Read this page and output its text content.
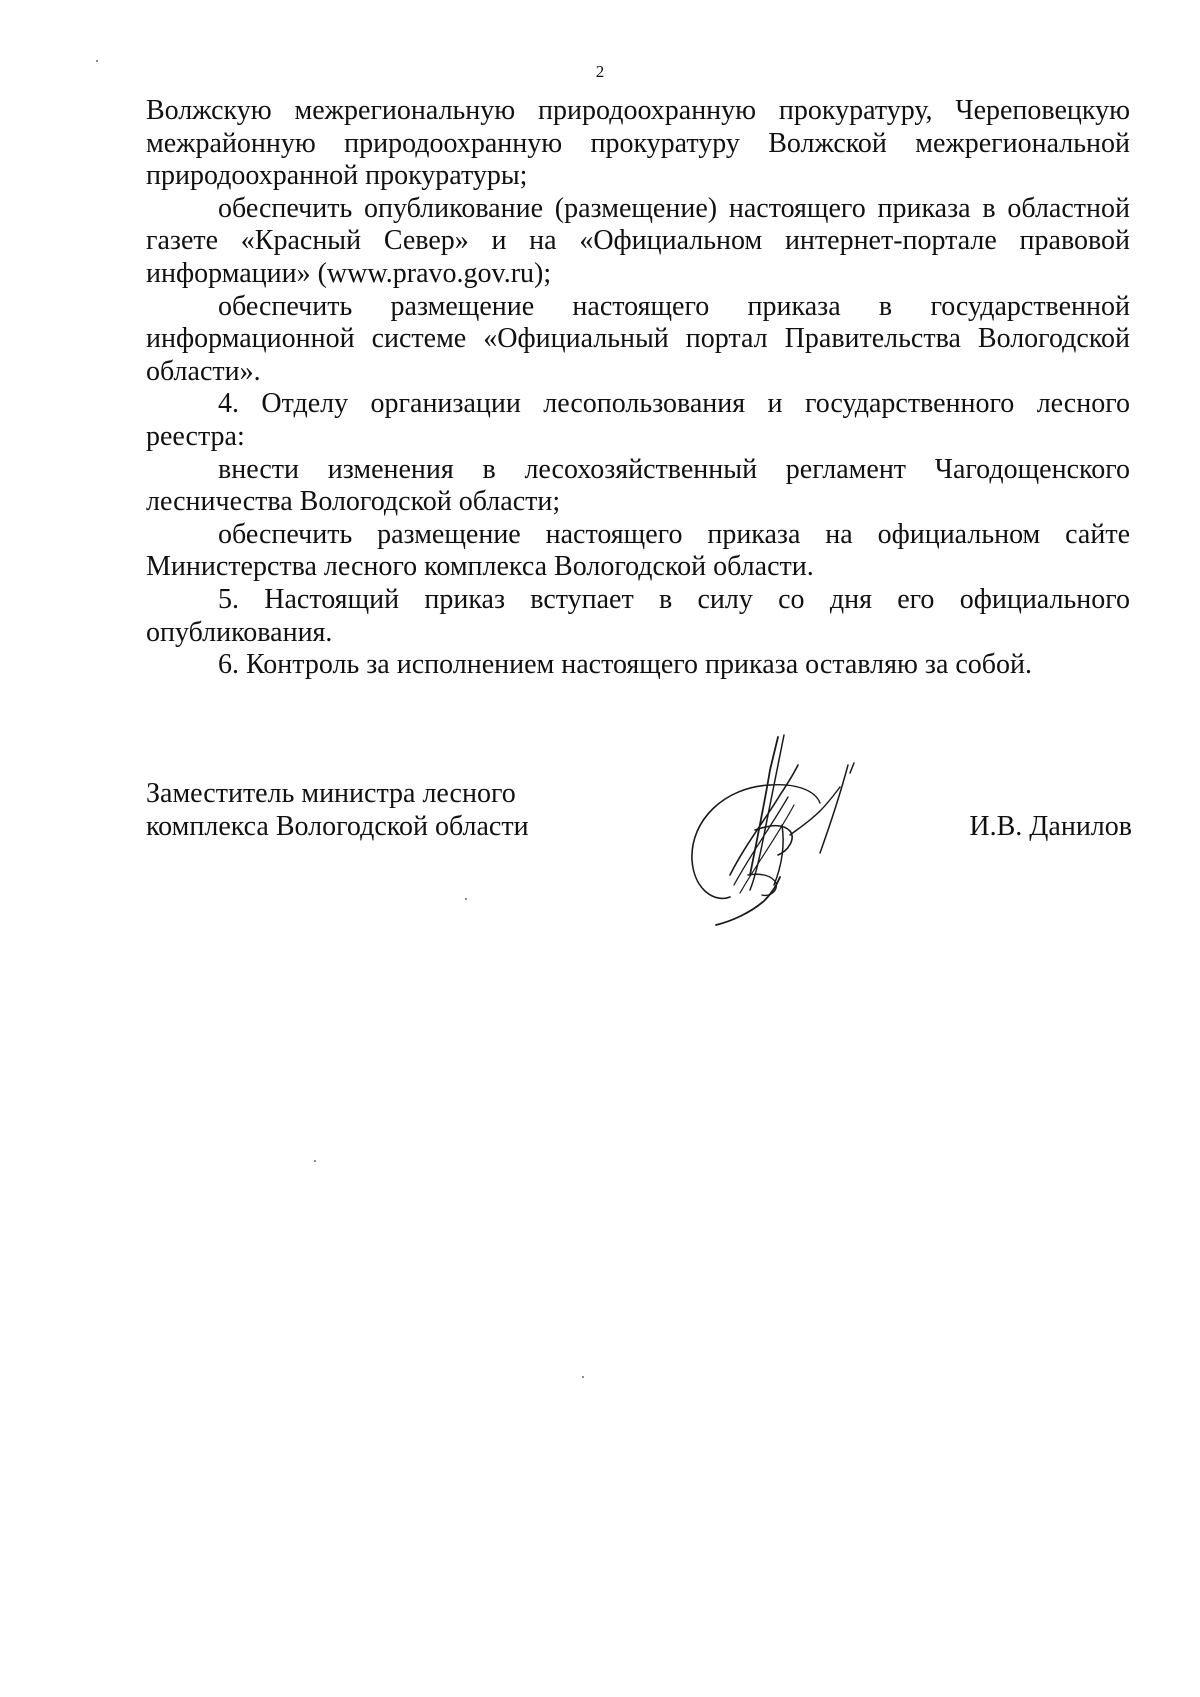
2

Волжскую межрегиональную природоохранную прокуратуру, Череповецкую межрайонную природоохранную прокуратуру Волжской межрегиональной природоохранной прокуратуры;

обеспечить опубликование (размещение) настоящего приказа в областной газете «Красный Север» и на «Официальном интернет-портале правовой информации» (www.pravo.gov.ru);

обеспечить размещение настоящего приказа в государственной информационной системе «Официальный портал Правительства Вологодской области».

4. Отделу организации лесопользования и государственного лесного реестра:

внести изменения в лесохозяйственный регламент Чагодощенского лесничества Вологодской области;

обеспечить размещение настоящего приказа на официальном сайте Министерства лесного комплекса Вологодской области.

5. Настоящий приказ вступает в силу со дня его официального опубликования.

6. Контроль за исполнением настоящего приказа оставляю за собой.

Заместитель министра лесного
комплекса Вологодской области	И.В. Данилов
